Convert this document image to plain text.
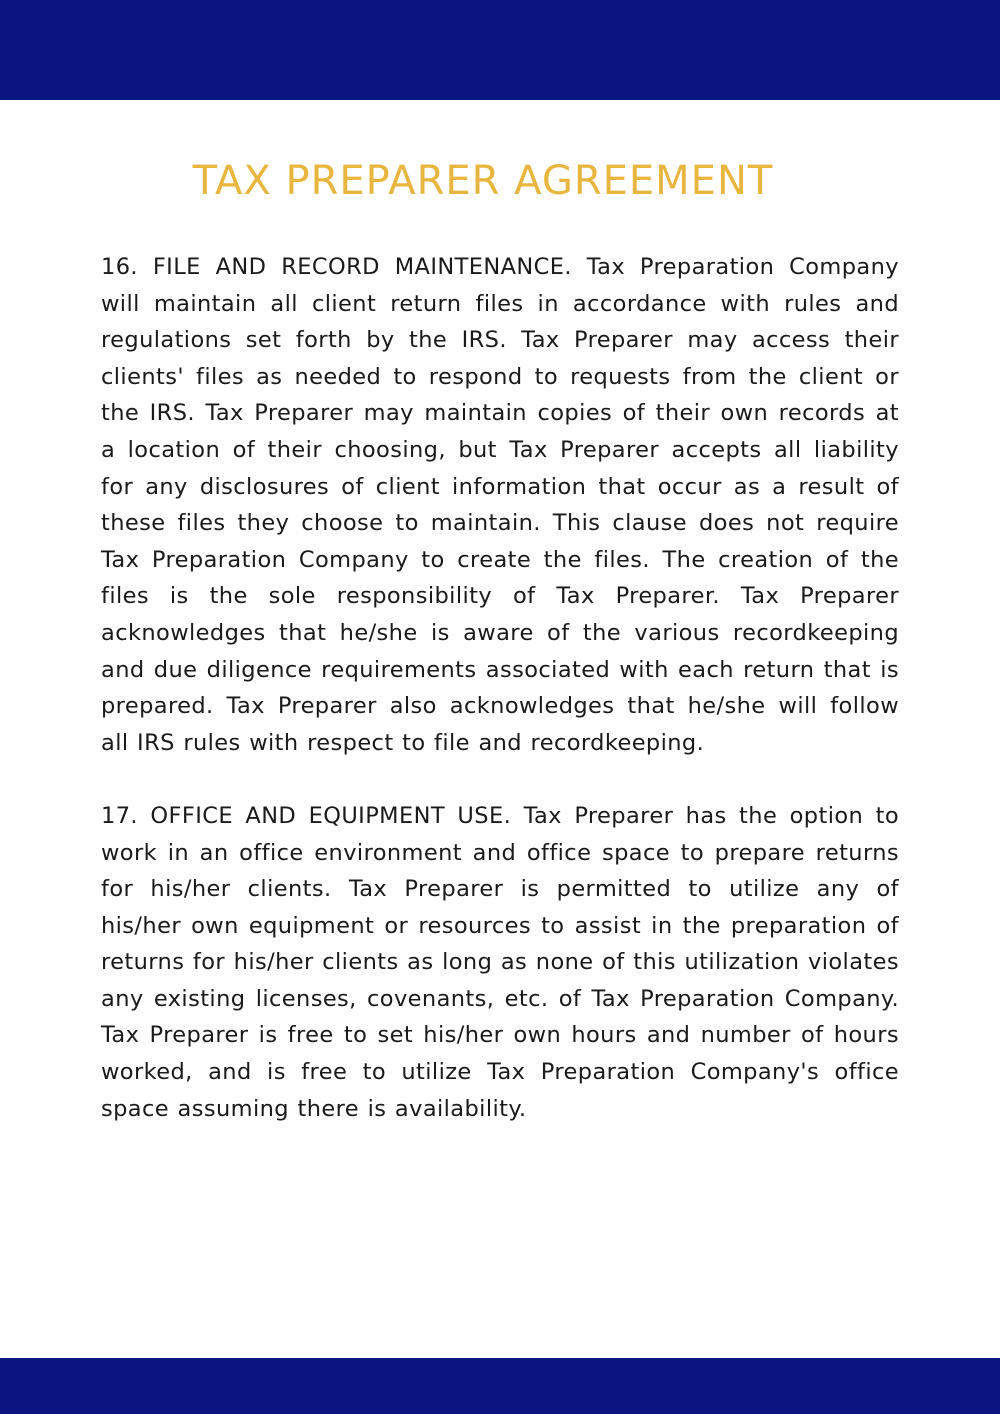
TAX PREPARER AGREEMENT

16. FILE AND RECORD MAINTENANCE. Tax Preparation Company will maintain all client return files in accordance with rules and regulations set forth by the IRS. Tax Preparer may access their clients' files as needed to respond to requests from the client or the IRS. Tax Preparer may maintain copies of their own records at a location of their choosing, but Tax Preparer accepts all liability for any disclosures of client information that occur as a result of these files they choose to maintain. This clause does not require Tax Preparation Company to create the files. The creation of the files is the sole responsibility of Tax Preparer. Tax Preparer acknowledges that he/she is aware of the various recordkeeping and due diligence requirements associated with each return that is prepared. Tax Preparer also acknowledges that he/she will follow all IRS rules with respect to file and recordkeeping.

17. OFFICE AND EQUIPMENT USE. Tax Preparer has the option to work in an office environment and office space to prepare returns for his/her clients. Tax Preparer is permitted to utilize any of his/her own equipment or resources to assist in the preparation of returns for his/her clients as long as none of this utilization violates any existing licenses, covenants, etc. of Tax Preparation Company. Tax Preparer is free to set his/her own hours and number of hours worked, and is free to utilize Tax Preparation Company's office space assuming there is availability.
